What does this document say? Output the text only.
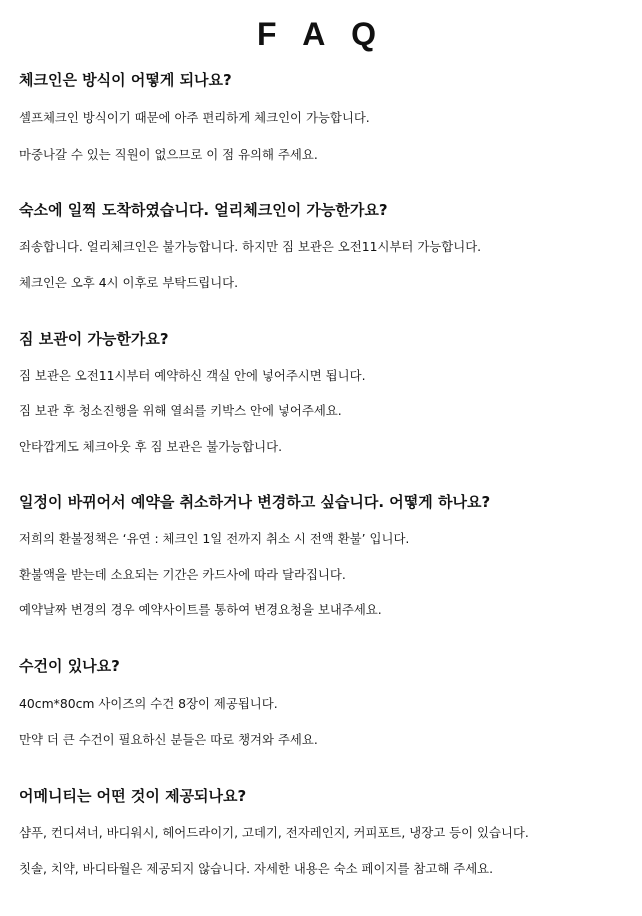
F A Q
체크인은 방식이 어떻게 되나요?

셀프체크인 방식이기 때문에 아주 편리하게 체크인이 가능합니다.

마중나갈 수 있는 직원이 없으므로 이 점 유의해 주세요.

숙소에 일찍 도착하였습니다. 얼리체크인이 가능한가요?

죄송합니다. 얼리체크인은 불가능합니다. 하지만 짐 보관은 오전11시부터 가능합니다.

체크인은 오후 4시 이후로 부탁드립니다.

짐 보관이 가능한가요?

짐 보관은 오전11시부터 예약하신 객실 안에 넣어주시면 됩니다.

짐 보관 후 청소진행을 위해 열쇠를 키박스 안에 넣어주세요.

안타깝게도 체크아웃 후 짐 보관은 불가능합니다.

일정이 바뀌어서 예약을 취소하거나 변경하고 싶습니다. 어떻게 하나요?

저희의 환불정책은 ‘유연 : 체크인 1일 전까지 취소 시 전액 환불’ 입니다.

환불액을 받는데 소요되는 기간은 카드사에 따라 달라집니다.

예약날짜 변경의 경우 예약사이트를 통하여 변경요청을 보내주세요.

수건이 있나요?

40cm*80cm 사이즈의 수건 8장이 제공됩니다.

만약 더 큰 수건이 필요하신 분들은 따로 챙겨와 주세요.

어메니티는 어떤 것이 제공되나요?

샴푸, 컨디셔너, 바디워시, 헤어드라이기, 고데기, 전자레인지, 커피포트, 냉장고 등이 있습니다.

칫솔, 치약, 바디타월은 제공되지 않습니다. 자세한 내용은 숙소 페이지를 참고해 주세요.
